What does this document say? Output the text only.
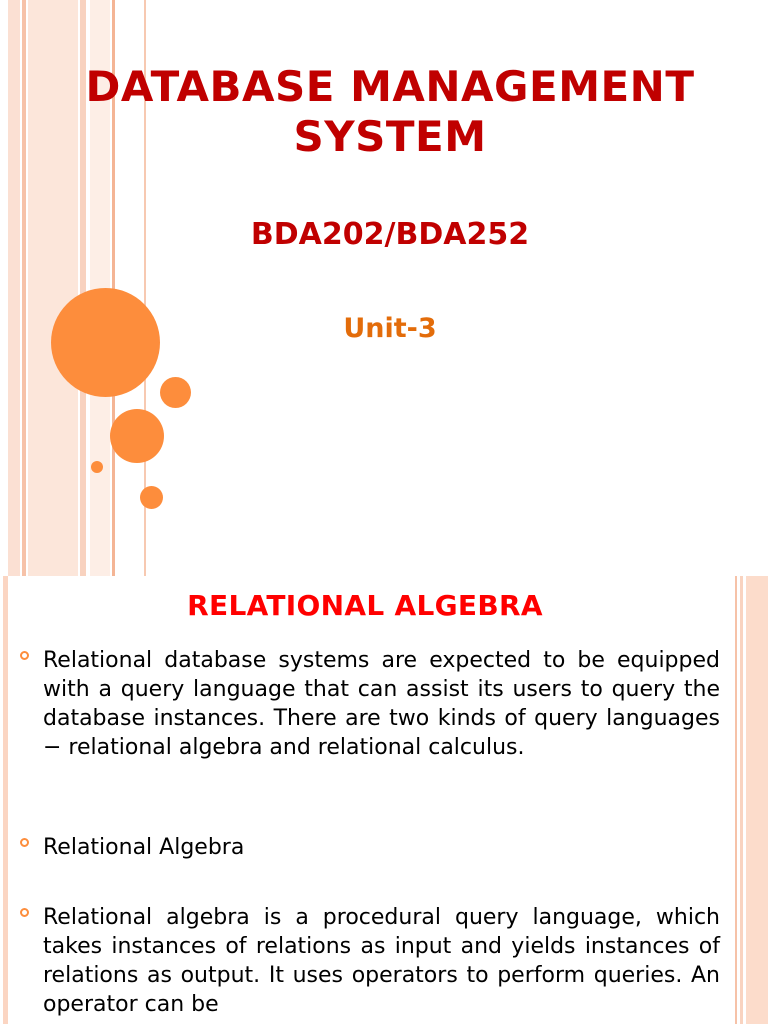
DATABASE MANAGEMENT
SYSTEM

BDA202/BDA252

Unit-3

RELATIONAL ALGEBRA

Relational database systems are expected to be equipped with a query language that can assist its users to query the database instances. There are two kinds of query languages − relational algebra and relational calculus.

Relational Algebra

Relational algebra is a procedural query language, which takes instances of relations as input and yields instances of relations as output. It uses operators to perform queries. An operator can be
